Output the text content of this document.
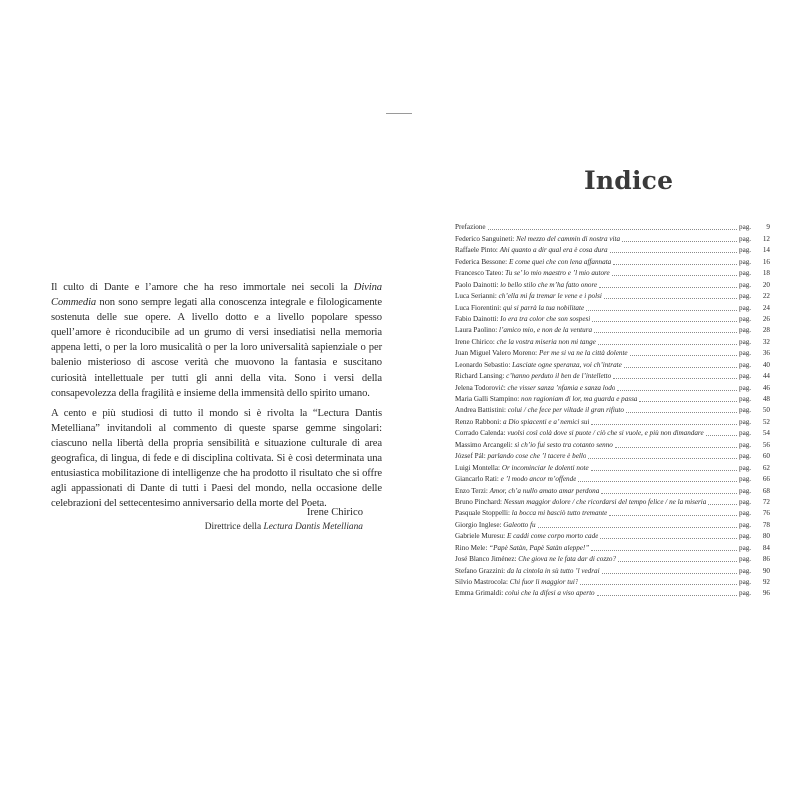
Il culto di Dante e l’amore che ha reso immortale nei secoli la Divina Commedia non sono sempre legati alla conoscenza integrale e filologicamente sostenuta delle sue opere. A livello dotto e a livello popolare spesso quell’amore è riconducibile ad un grumo di versi insediatisi nella memoria appena letti, o per la loro musicalità o per la loro universalità sapienziale o per balenio misterioso di ascose verità che muovono la fantasia e suscitano curiosità intellettuale per tutti gli anni della vita. Sono i versi della consapevolezza della fragilità e insieme della immensità dello spirito umano.

A cento e più studiosi di tutto il mondo si è rivolta la “Lectura Dantis Metelliana” invitandoli al commento di queste sparse gemme singolari: ciascuno nella libertà della propria sensibilità e situazione culturale di area geografica, di lingua, di fede e di disciplina coltivata. Si è così determinata una entusiastica mobilitazione di intelligenze che ha prodotto il risultato che si offre agli appassionati di Dante di tutti i Paesi del mondo, nella occasione delle celebrazioni del settecentesimo anniversario della morte del Poeta.

Irene Chirico
Direttrice della Lectura Dantis Metelliana
Indice
Prefazione	pag.	9
Federico Sanguineti: Nel mezzo del cammin di nostra vita	pag.	12
Raffaele Pinto: Ahi quanto a dir qual era è cosa dura	pag.	14
Federica Bessone: E come quei che con lena affannata	pag.	16
Francesco Tateo: Tu se’ lo mio maestro e ’l mio autore	pag.	18
Paolo Dainotti: lo bello stilo che m’ha fatto onore	pag.	20
Luca Serianni: ch’ella mi fa tremar le vene e i polsi	pag.	22
Luca Fiorentini: qui si parrà la tua nobilitate	pag.	24
Fabio Dainotti: Io era tra color che son sospesi	pag.	26
Laura Paolino: l’amico mio, e non de la ventura	pag.	28
Irene Chirico: che la vostra miseria non mi tange	pag.	32
Juan Miguel Valero Moreno: Per me si va ne la città dolente	pag.	36
Leonardo Sebastio: Lasciate ogne speranza, voi ch’intrate	pag.	40
Richard Lansing: c’hanno perduto il ben de l’intelletto	pag.	44
Jelena Todorović: che visser sanza ’nfamia e sanza lodo	pag.	46
Maria Galli Stampino: non ragioniam di lor, ma guarda e passa	pag.	48
Andrea Battistini: colui / che fece per viltade il gran rifiuto	pag.	50
Renzo Rabboni: a Dio spiacenti e a’ nemici sui	pag.	52
Corrado Calenda: vuolsi così colà dove si puote / ciò che si vuole, e più non dimandare	pag.	54
Massimo Arcangeli: sì ch’io fui sesto tra cotanto senno	pag.	56
József Pál: parlando cose che ’l tacere è bello	pag.	60
Luigi Montella: Or incominciar le dolenti note	pag.	62
Giancarlo Rati: e ’l modo ancor m’offende	pag.	66
Enzo Terzi: Amor, ch’a nullo amato amar perdona	pag.	68
Bruno Pinchard: Nessun maggior dolore / che ricordarsi del tempo felice / ne la miseria	pag.	72
Pasquale Stoppelli: la bocca mi basciò tutto tremante	pag.	76
Giorgio Inglese: Galeotto fu	pag.	78
Gabriele Muresu: E caddi come corpo morto cade	pag.	80
Rino Mele: “Papè Satàn, Papè Satàn aleppe!”	pag.	84
José Blanco Jiménez: Che giova ne le fata dar di cozzo?	pag.	86
Stefano Grazzini: da la cintola in sù tutto ’l vedrai	pag.	90
Silvio Mastrocola: Chi fuor li maggior tui?	pag.	92
Emma Grimaldi: colui che la difesi a viso aperto	pag.	96
